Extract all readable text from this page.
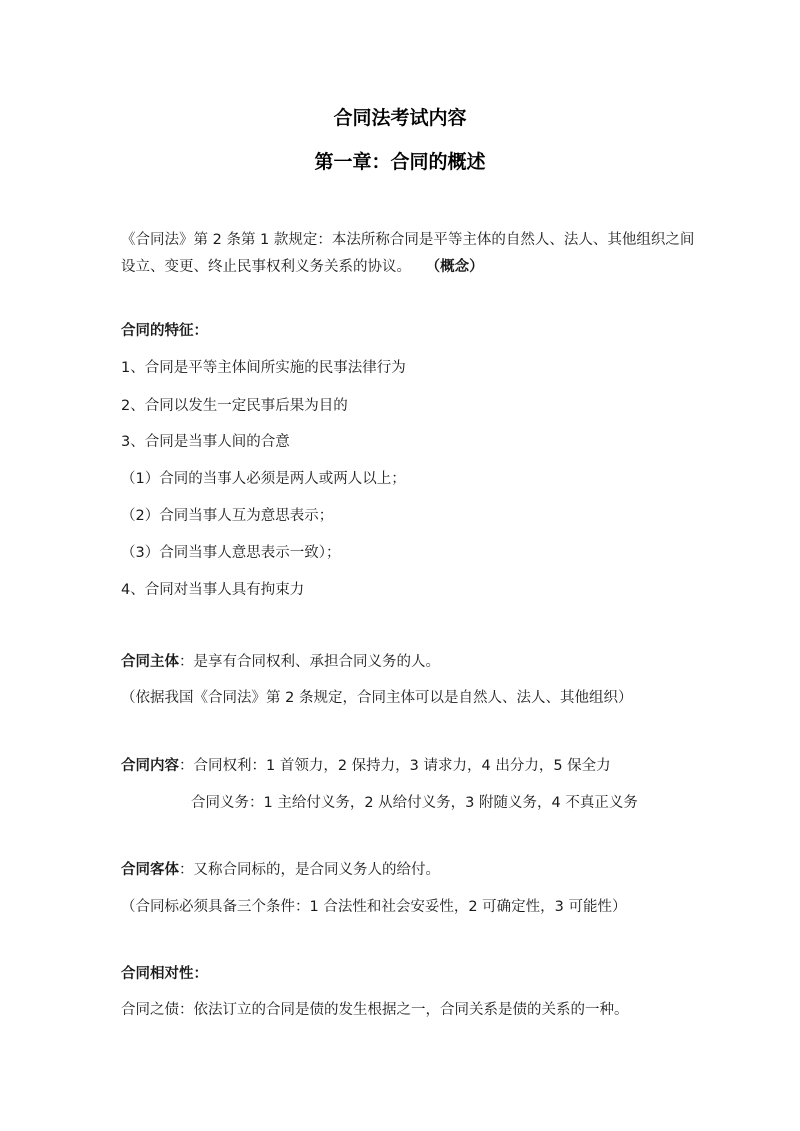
合同法考试内容
第一章：合同的概述
《合同法》第 2 条第 1 款规定：本法所称合同是平等主体的自然人、法人、其他组织之间
设立、变更、终止民事权利义务关系的协议。 （概念）
合同的特征：
1、合同是平等主体间所实施的民事法律行为
2、合同以发生一定民事后果为目的
3、合同是当事人间的合意
（1）合同的当事人必须是两人或两人以上；
（2）合同当事人互为意思表示；
（3）合同当事人意思表示一致）；
4、合同对当事人具有拘束力
合同主体：是享有合同权利、承担合同义务的人。
（依据我国《合同法》第 2 条规定，合同主体可以是自然人、法人、其他组织）
合同内容：合同权利：1 首领力，2 保持力，3 请求力，4 出分力，5 保全力
合同义务：1 主给付义务，2 从给付义务，3 附随义务，4 不真正义务
合同客体：又称合同标的，是合同义务人的给付。
（合同标必须具备三个条件：1 合法性和社会安妥性，2 可确定性，3 可能性）
合同相对性：
合同之债：依法订立的合同是债的发生根据之一，合同关系是债的关系的一种。
